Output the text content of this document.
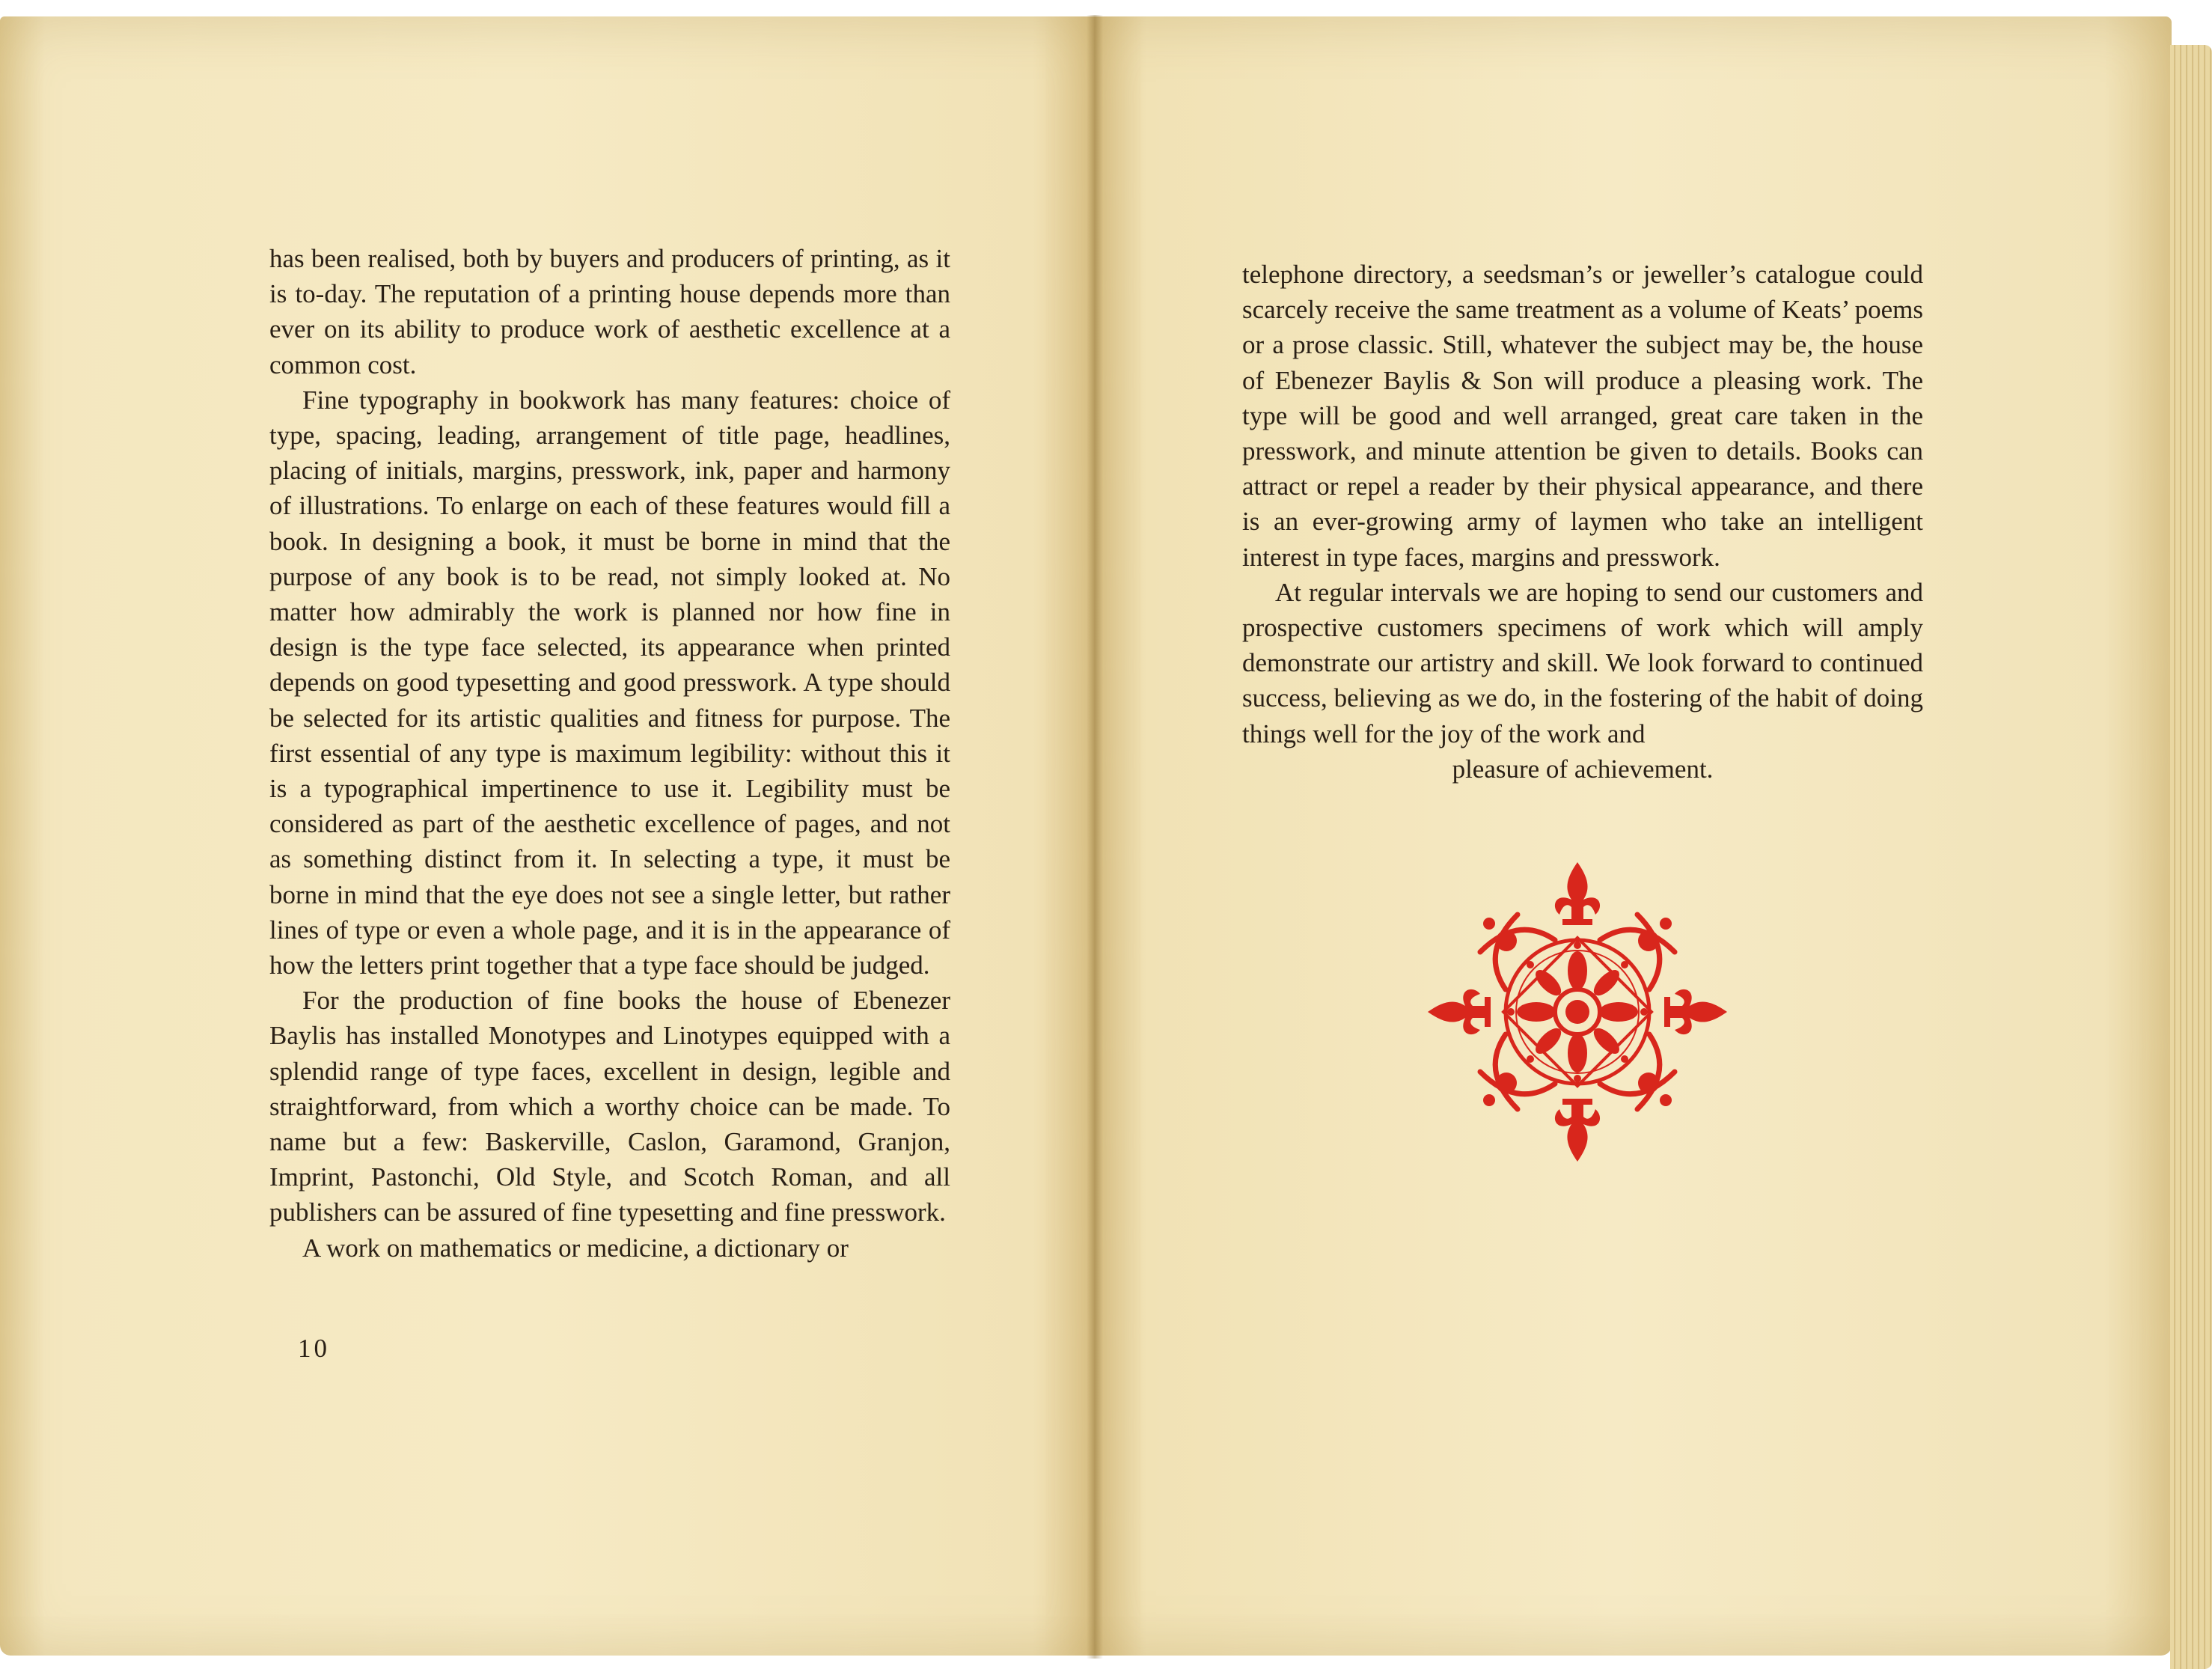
has been realised, both by buyers and producers of printing, as it is to-day. The reputation of a printing house depends more than ever on its ability to produce work of aesthetic excellence at a common cost.

Fine typography in bookwork has many features: choice of type, spacing, leading, arrangement of title page, headlines, placing of initials, margins, presswork, ink, paper and harmony of illustrations. To enlarge on each of these features would fill a book. In designing a book, it must be borne in mind that the purpose of any book is to be read, not simply looked at. No matter how admirably the work is planned nor how fine in design is the type face selected, its appearance when printed depends on good typesetting and good presswork. A type should be selected for its artistic qualities and fitness for purpose. The first essential of any type is maximum legibility: without this it is a typographical impertinence to use it. Legibility must be considered as part of the aesthetic excellence of pages, and not as something distinct from it. In selecting a type, it must be borne in mind that the eye does not see a single letter, but rather lines of type or even a whole page, and it is in the appearance of how the letters print together that a type face should be judged.

For the production of fine books the house of Ebenezer Baylis has installed Monotypes and Linotypes equipped with a splendid range of type faces, excellent in design, legible and straightforward, from which a worthy choice can be made. To name but a few: Baskerville, Caslon, Garamond, Granjon, Imprint, Pastonchi, Old Style, and Scotch Roman, and all publishers can be assured of fine typesetting and fine presswork.

A work on mathematics or medicine, a dictionary or

10

telephone directory, a seedsman’s or jeweller’s catalogue could scarcely receive the same treatment as a volume of Keats’ poems or a prose classic. Still, whatever the subject may be, the house of Ebenezer Baylis & Son will produce a pleasing work. The type will be good and well arranged, great care taken in the presswork, and minute attention be given to details. Books can attract or repel a reader by their physical appearance, and there is an ever-growing army of laymen who take an intelligent interest in type faces, margins and presswork.

At regular intervals we are hoping to send our customers and prospective customers specimens of work which will amply demonstrate our artistry and skill. We look forward to continued success, believing as we do, in the fostering of the habit of doing things well for the joy of the work and

pleasure of achievement.
